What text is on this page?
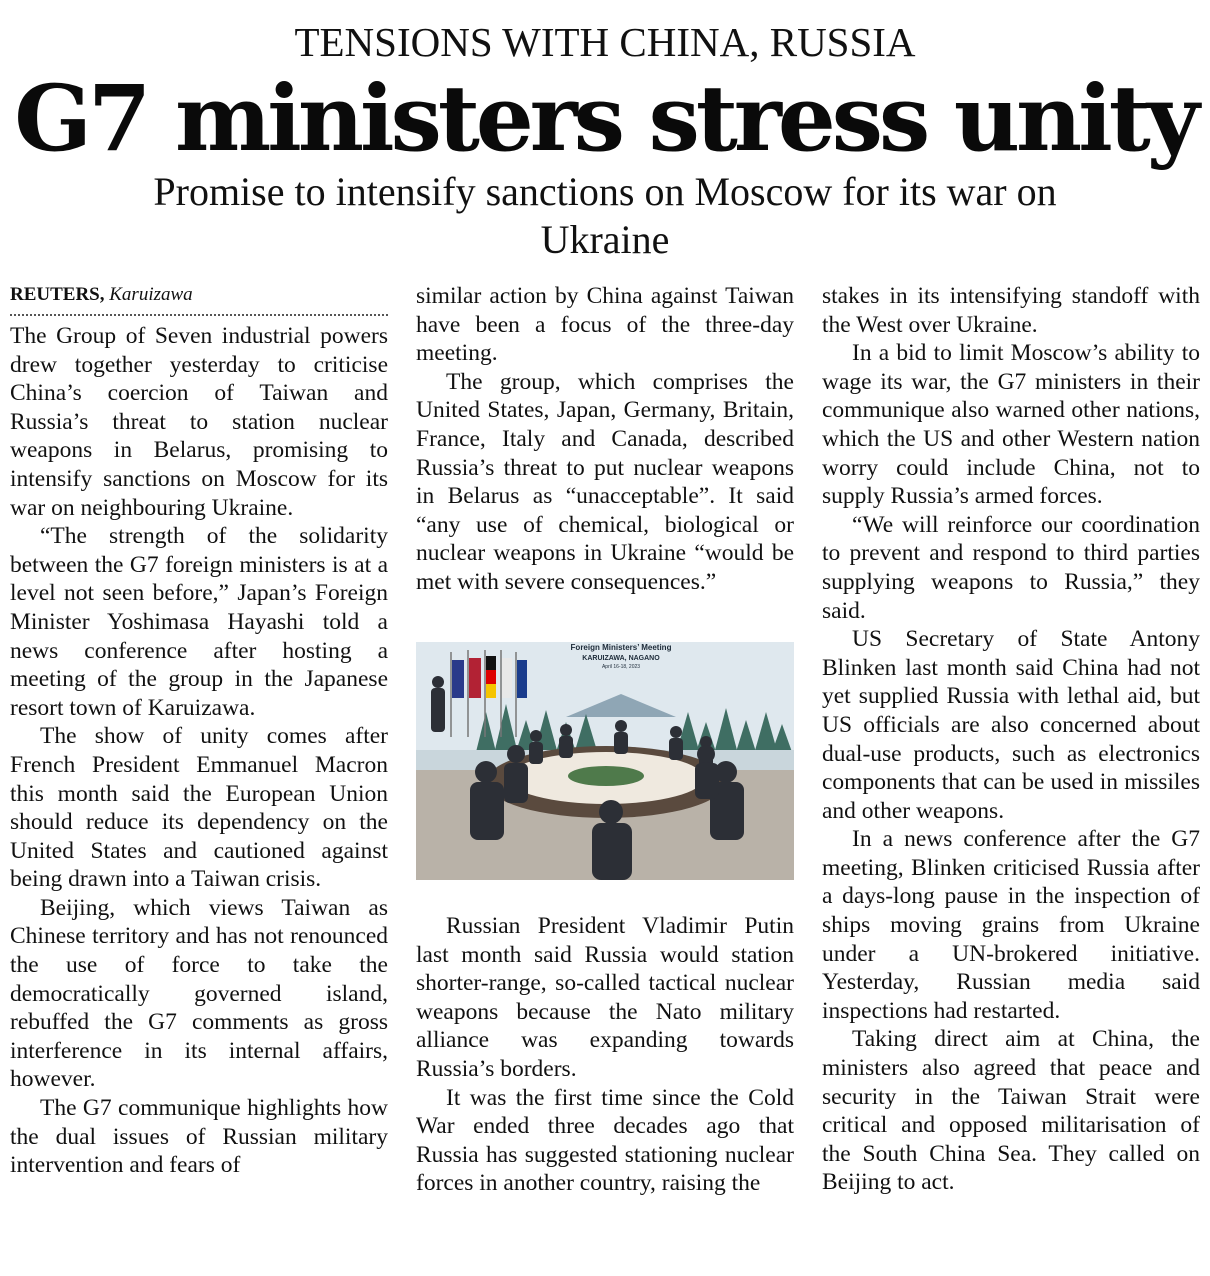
TENSIONS WITH CHINA, RUSSIA
G7 ministers stress unity
Promise to intensify sanctions on Moscow for its war on Ukraine
REUTERS, Karuizawa

The Group of Seven industrial powers drew together yesterday to criticise China’s coercion of Taiwan and Russia’s threat to station nuclear weapons in Belarus, promising to intensify sanctions on Moscow for its war on neighbouring Ukraine.

“The strength of the solidarity between the G7 foreign ministers is at a level not seen before,” Japan’s Foreign Minister Yoshimasa Hayashi told a news conference after hosting a meeting of the group in the Japanese resort town of Karuizawa.

The show of unity comes after French President Emmanuel Macron this month said the European Union should reduce its dependency on the United States and cautioned against being drawn into a Taiwan crisis.

Beijing, which views Taiwan as Chinese territory and has not renounced the use of force to take the democratically governed island, rebuffed the G7 comments as gross interference in its internal affairs, however.

The G7 communique highlights how the dual issues of Russian military intervention and fears of

similar action by China against Taiwan have been a focus of the three-day meeting.

The group, which comprises the United States, Japan, Germany, Britain, France, Italy and Canada, described Russia’s threat to put nuclear weapons in Belarus as “unacceptable”. It said “any use of chemical, biological or nuclear weapons in Ukraine “would be met with severe consequences.”

Foreign Ministers’ Meeting
KARUIZAWA, NAGANO
April 16-18, 2023

Russian President Vladimir Putin last month said Russia would station shorter-range, so-called tactical nuclear weapons because the Nato military alliance was expanding towards Russia’s borders.

It was the first time since the Cold War ended three decades ago that Russia has suggested stationing nuclear forces in another country, raising the

stakes in its intensifying standoff with the West over Ukraine.

In a bid to limit Moscow’s ability to wage its war, the G7 ministers in their communique also warned other nations, which the US and other Western nation worry could include China, not to supply Russia’s armed forces.

“We will reinforce our coordination to prevent and respond to third parties supplying weapons to Russia,” they said.

US Secretary of State Antony Blinken last month said China had not yet supplied Russia with lethal aid, but US officials are also concerned about dual-use products, such as electronics components that can be used in missiles and other weapons.

In a news conference after the G7 meeting, Blinken criticised Russia after a days-long pause in the inspection of ships moving grains from Ukraine under a UN-brokered initiative. Yesterday, Russian media said inspections had restarted.

Taking direct aim at China, the ministers also agreed that peace and security in the Taiwan Strait were critical and opposed militarisation of the South China Sea. They called on Beijing to act.
